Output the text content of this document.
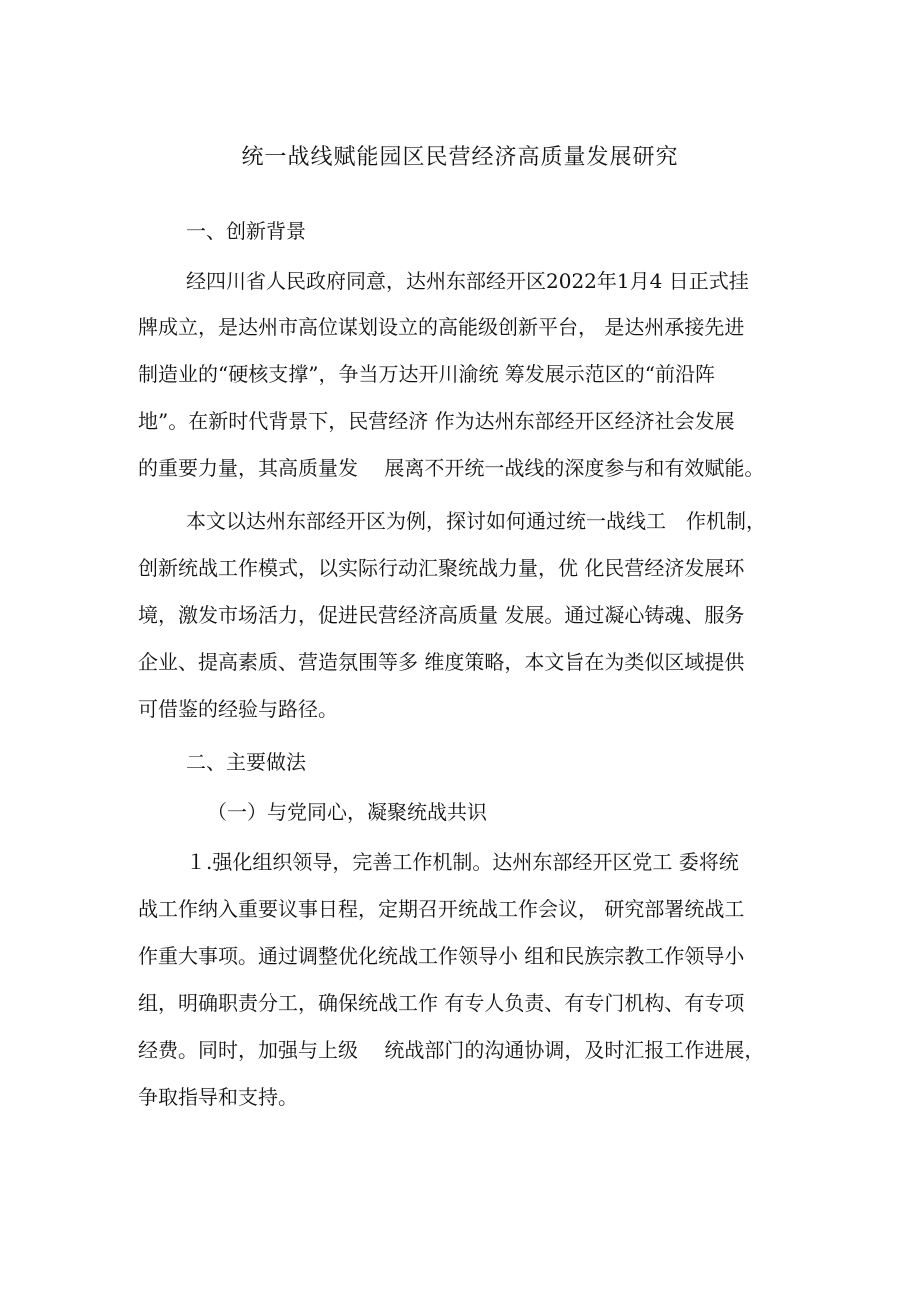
统一战线赋能园区民营经济高质量发展研究

一、创新背景

经四川省人民政府同意，达州东部经开区2022年1月4 日正式挂

牌成立，是达州市高位谋划设立的高能级创新平台， 是达州承接先进

制造业的“硬核支撑”，争当万达开川渝统 筹发展示范区的“前沿阵

地”。在新时代背景下，民营经济 作为达州东部经开区经济社会发展

的重要力量，其高质量发　 展离不开统一战线的深度参与和有效赋能。

本文以达州东部经开区为例，探讨如何通过统一战线工　作机制，

创新统战工作模式，以实际行动汇聚统战力量，优 化民营经济发展环

境，激发市场活力，促进民营经济高质量 发展。通过凝心铸魂、服务

企业、提高素质、营造氛围等多 维度策略，本文旨在为类似区域提供

可借鉴的经验与路径。

二、主要做法

（一）与党同心，凝聚统战共识

１.强化组织领导，完善工作机制。达州东部经开区党工 委将统

战工作纳入重要议事日程，定期召开统战工作会议， 研究部署统战工

作重大事项。通过调整优化统战工作领导小 组和民族宗教工作领导小

组，明确职责分工，确保统战工作 有专人负责、有专门机构、有专项

经费。同时，加强与上级　 统战部门的沟通协调，及时汇报工作进展，

争取指导和支持。
